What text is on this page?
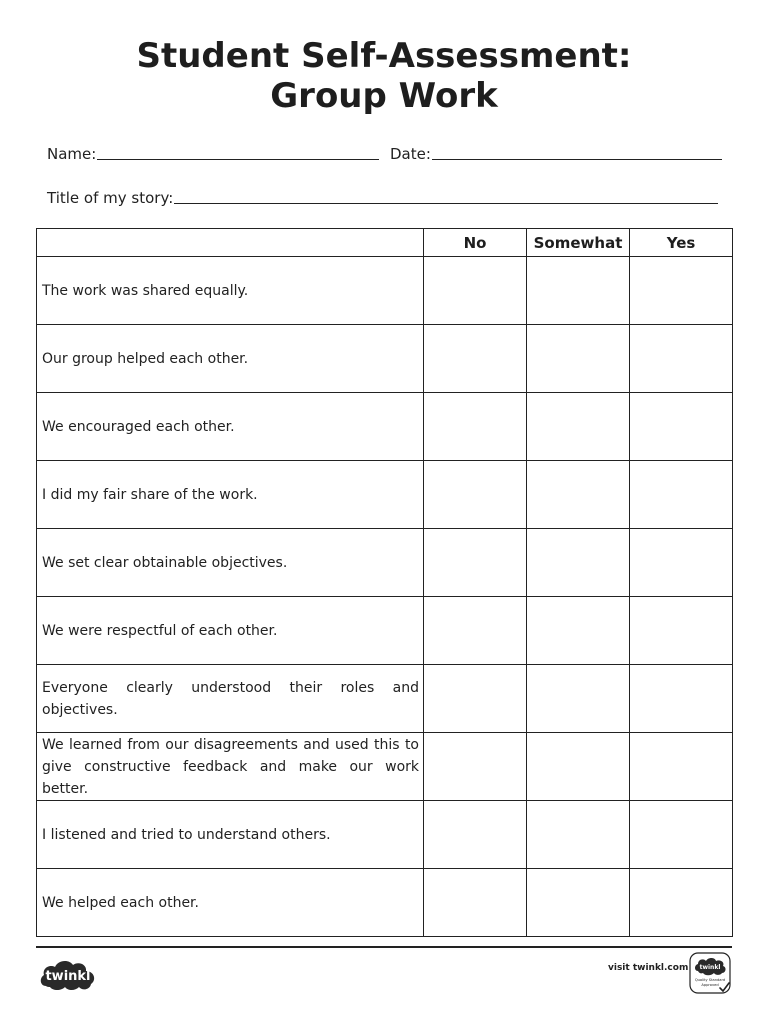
Student Self-Assessment:
Group Work
Name:	Date:
Title of my story:
	No	Somewhat	Yes
The work was shared equally.			
Our group helped each other.			
We encouraged each other.			
I did my fair share of the work.			
We set clear obtainable objectives.			
We were respectful of each other.			
Everyone clearly understood their roles and objectives.			
We learned from our disagreements and used this to give constructive feedback and make our work better.			
I listened and tried to understand others.			
We helped each other.			
twinkl
visit twinkl.com twinkl
Quality Standard
Approved
